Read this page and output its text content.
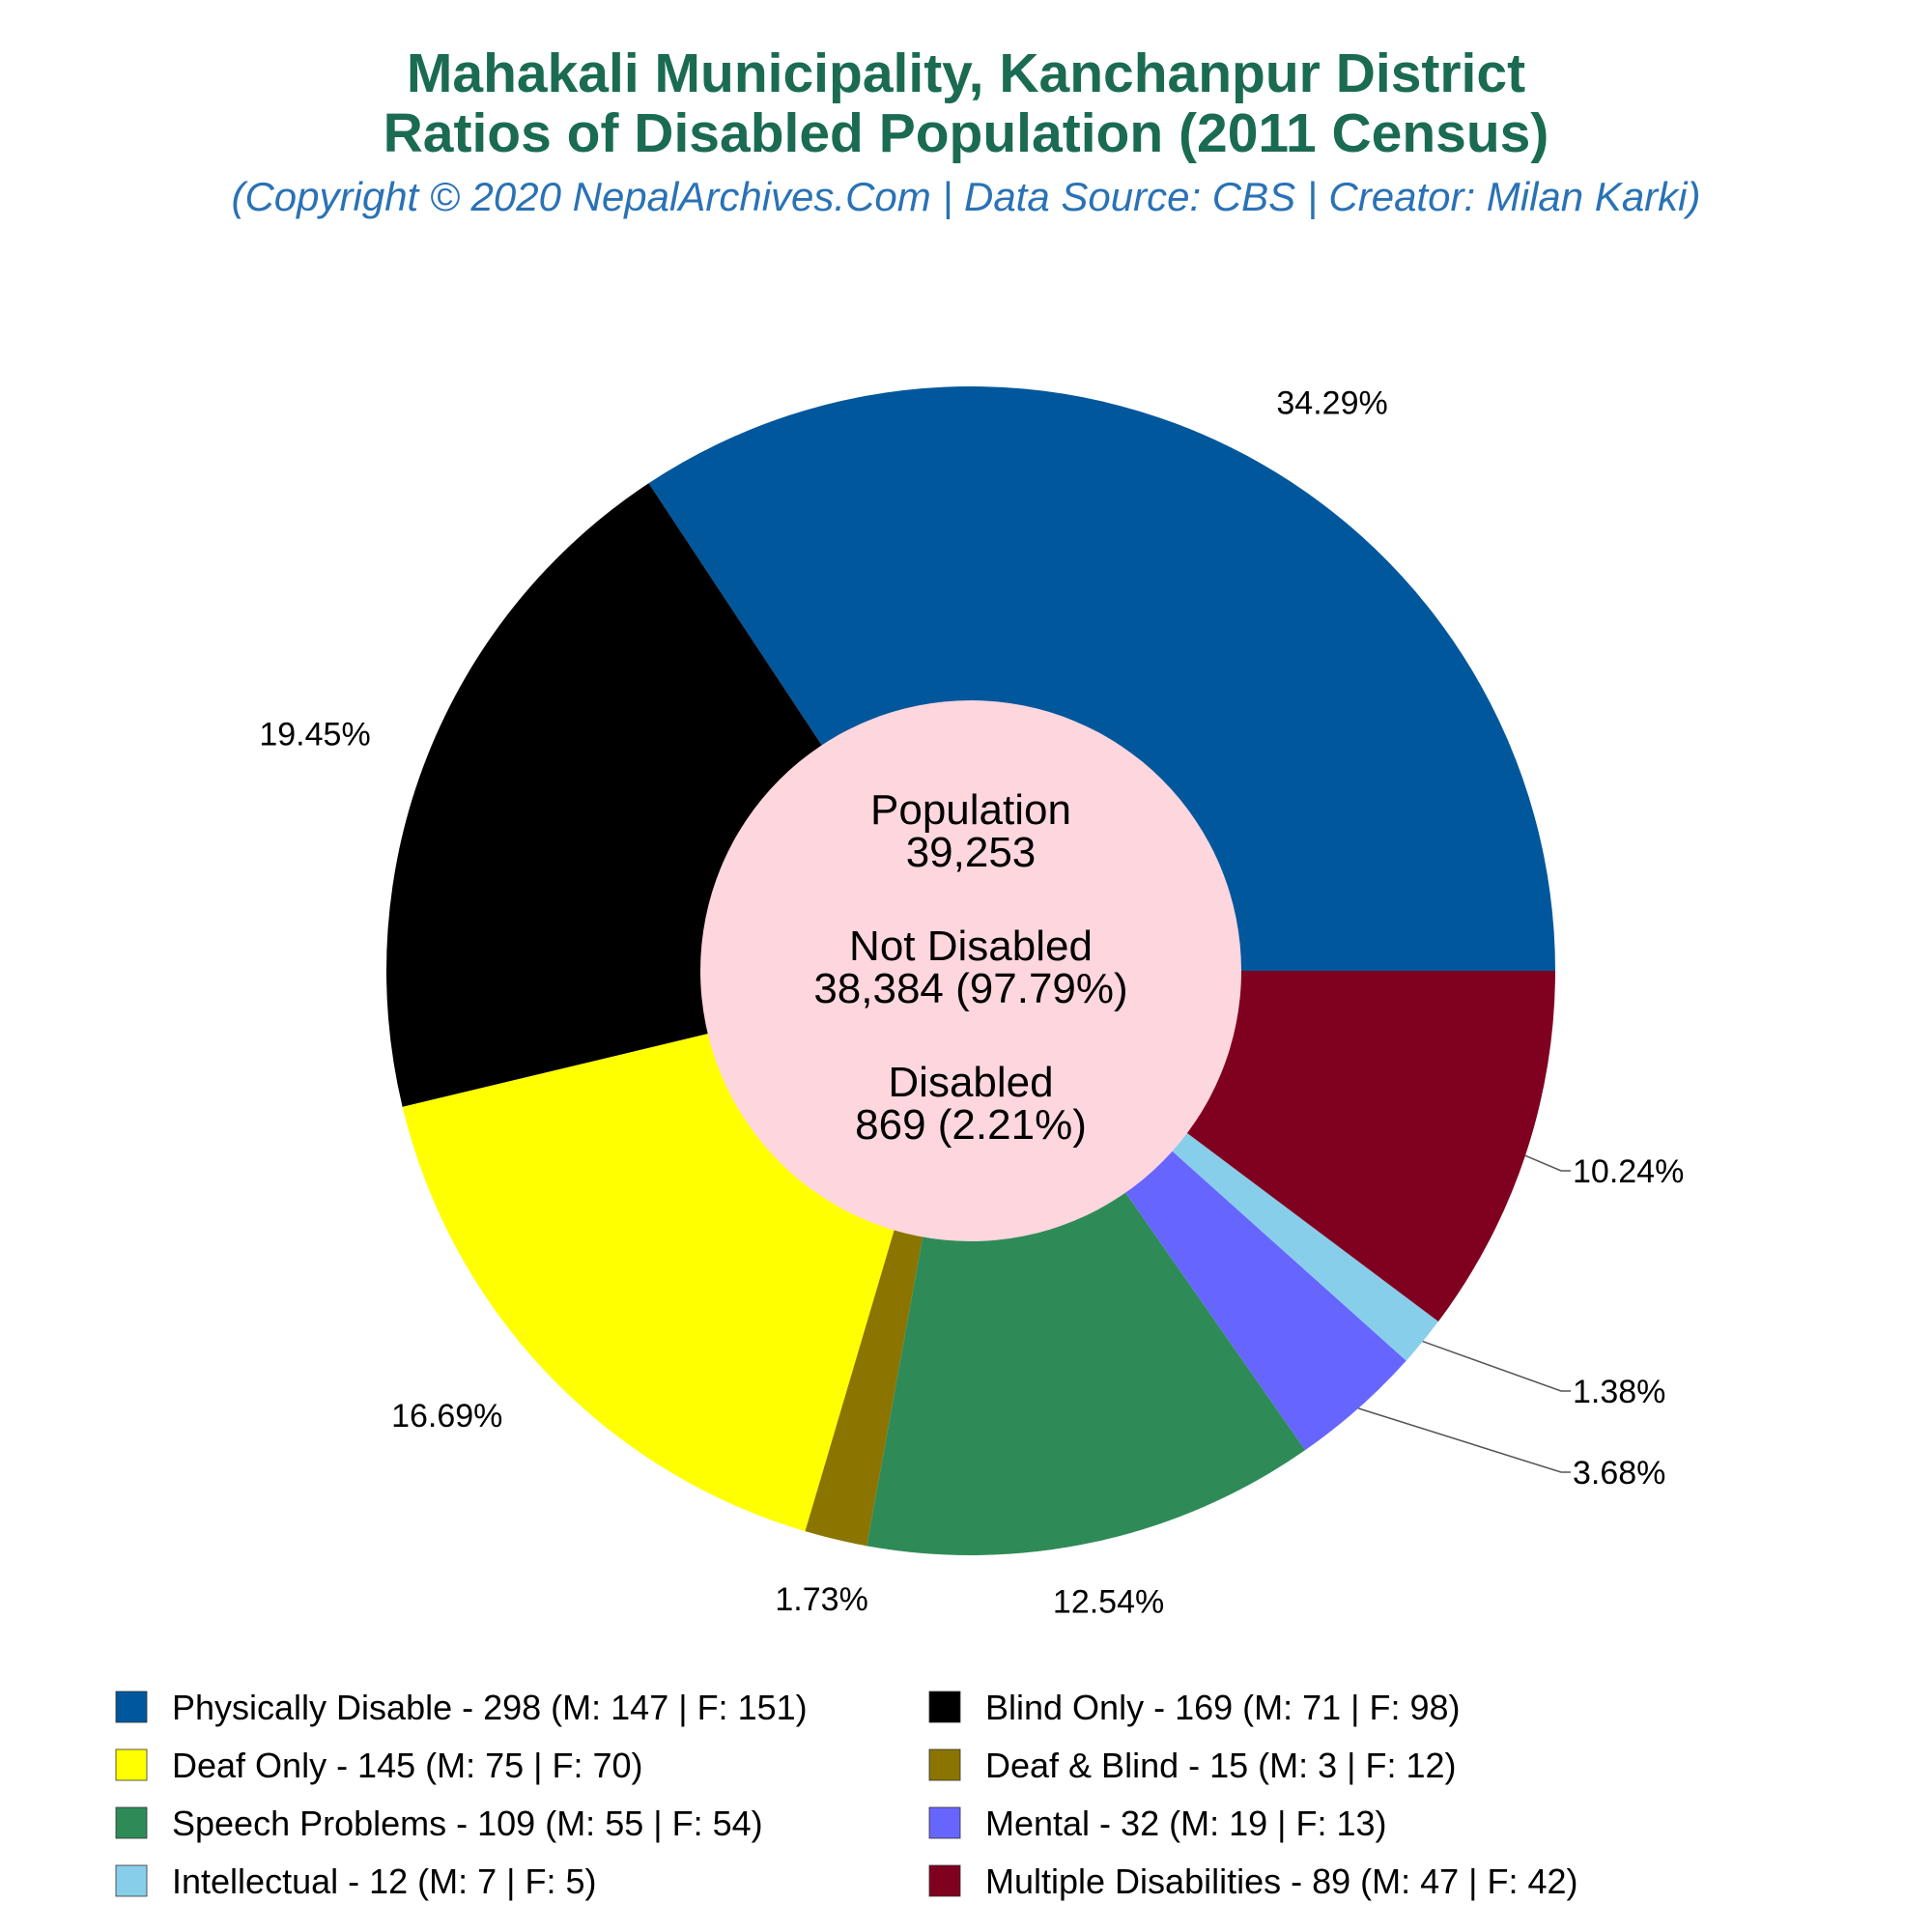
Mahakali Municipality, Kanchanpur District
Ratios of Disabled Population (2011 Census)
(Copyright © 2020 NepalArchives.Com | Data Source: CBS | Creator: Milan Karki)
34.29%
19.45%
16.69%
1.73%	12.54%
3.68%
1.38%
10.24%
Population
39,253
Not Disabled
38,384 (97.79%)
Disabled
869 (2.21%)
Physically Disable - 298 (M: 147 | F: 151)	Blind Only - 169 (M: 71 | F: 98)
Deaf Only - 145 (M: 75 | F: 70)	Deaf & Blind - 15 (M: 3 | F: 12)
Speech Problems - 109 (M: 55 | F: 54)	Mental - 32 (M: 19 | F: 13)
Intellectual - 12 (M: 7 | F: 5)	Multiple Disabilities - 89 (M: 47 | F: 42)
